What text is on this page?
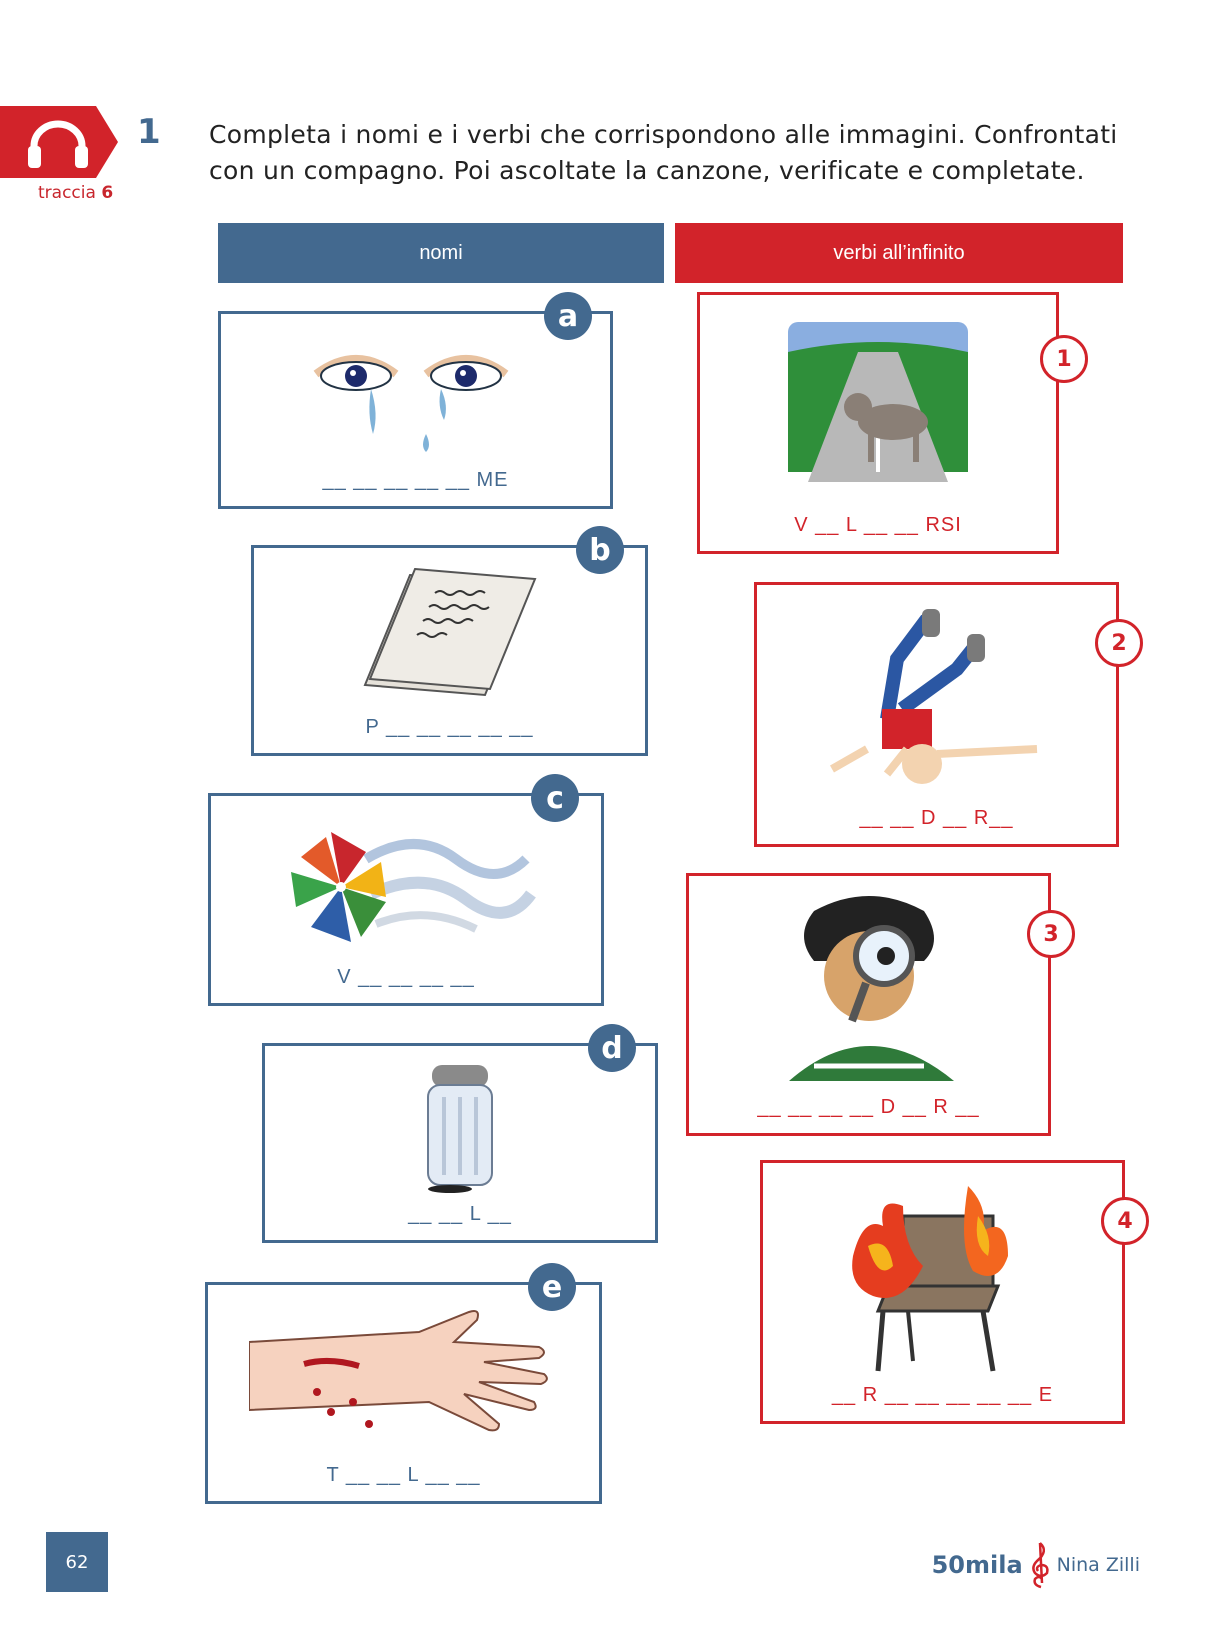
traccia 6
1 Completa i nomi e i verbi che corrispondono alle immagini. Confrontati con un compagno. Poi ascoltate la canzone, verificate e completate.
nomi	verbi all’infinito
__ __ __ __ __ ME
a
P __ __ __ __ __
b
V __ __ __ __
c
__ __ L __
d
T __ __ L __ __
e
V __ L __ __ RSI
1
__ __ D __ R__
2
__ __ __ __ D __ R __
3
__ R __ __ __ __ __ E
4
62	50mila Nina Zilli
